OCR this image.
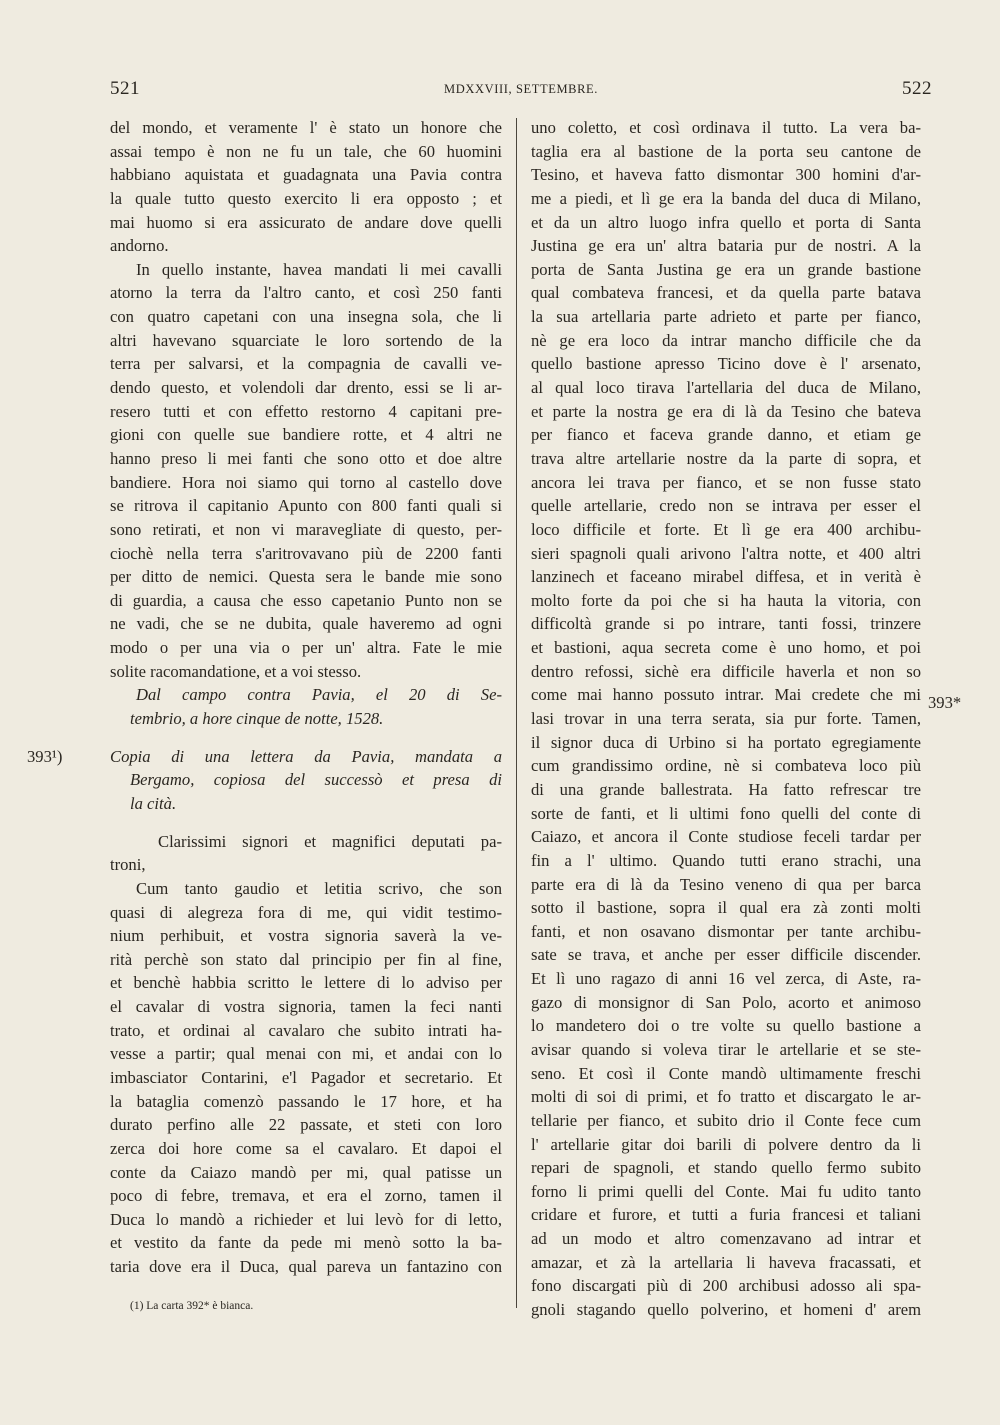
521	MDXXVIII, SETTEMBRE.	522
del mondo, et veramente l' è stato un honore che
assai tempo è non ne fu un tale, che 60 huomini
habbiano aquistata et guadagnata una Pavia contra
la quale tutto questo exercito li era opposto ; et
mai huomo si era assicurato de andare dove quelli
andorno.
In quello instante, havea mandati li mei cavalli
atorno la terra da l'altro canto, et così 250 fanti
con quatro capetani con una insegna sola, che li
altri havevano squarciate le loro sortendo de la
terra per salvarsi, et la compagnia de cavalli ve-
dendo questo, et volendoli dar drento, essi se li ar-
resero tutti et con effetto restorno 4 capitani pre-
gioni con quelle sue bandiere rotte, et 4 altri ne
hanno preso li mei fanti che sono otto et doe altre
bandiere. Hora noi siamo qui torno al castello dove
se ritrova il capitanio Apunto con 800 fanti quali si
sono retirati, et non vi maravegliate di questo, per-
ciochè nella terra s'aritrovavano più de 2200 fanti
per ditto de nemici. Questa sera le bande mie sono
di guardia, a causa che esso capetanio Punto non se
ne vadi, che se ne dubita, quale haveremo ad ogni
modo o per una via o per un' altra. Fate le mie
solite racomandatione, et a voi stesso.
Dal campo contra Pavia, el 20 di Se-
tembrio, a hore cinque de notte, 1528.
393¹)	Copia di una lettera da Pavia, mandata a
Bergamo, copiosa del successò et presa di
la cità.
Clarissimi signori et magnifici deputati pa-
troni,
Cum tanto gaudio et letitia scrivo, che son
quasi di alegreza fora di me, qui vidit testimo-
nium perhibuit, et vostra signoria saverà la ve-
rità perchè son stato dal principio per fin al fine,
et benchè habbia scritto le lettere di lo adviso per
el cavalar di vostra signoria, tamen la feci nanti
trato, et ordinai al cavalaro che subito intrati ha-
vesse a partir; qual menai con mi, et andai con lo
imbasciator Contarini, e'l Pagador et secretario. Et
la bataglia comenzò passando le 17 hore, et ha
durato perfino alle 22 passate, et steti con loro
zerca doi hore come sa el cavalaro. Et dapoi el
conte da Caiazo mandò per mi, qual patisse un
poco di febre, tremava, et era el zorno, tamen il
Duca lo mandò a richieder et lui levò for di letto,
et vestito da fante da pede mi menò sotto la ba-
taria dove era il Duca, qual pareva un fantazino con
uno coletto, et così ordinava il tutto. La vera ba-
taglia era al bastione de la porta seu cantone de
Tesino, et haveva fatto dismontar 300 homini d'ar-
me a piedi, et lì ge era la banda del duca di Milano,
et da un altro luogo infra quello et porta di Santa
Justina ge era un' altra bataria pur de nostri. A la
porta de Santa Justina ge era un grande bastione
qual combateva francesi, et da quella parte batava
la sua artellaria parte adrieto et parte per fianco,
nè ge era loco da intrar mancho difficile che da
quello bastione apresso Ticino dove è l' arsenato,
al qual loco tirava l'artellaria del duca de Milano,
et parte la nostra ge era di là da Tesino che bateva
per fianco et faceva grande danno, et etiam ge
trava altre artellarie nostre da la parte di sopra, et
ancora lei trava per fianco, et se non fusse stato
quelle artellarie, credo non se intrava per esser el
loco difficile et forte. Et lì ge era 400 archibu-
sieri spagnoli quali arivono l'altra notte, et 400 altri
lanzinech et faceano mirabel diffesa, et in verità è
molto forte da poi che si ha hauta la vitoria, con
difficoltà grande si po intrare, tanti fossi, trinzere
et bastioni, aqua secreta come è uno homo, et poi
dentro refossi, sichè era difficile haverla et non so
come mai hanno possuto intrar. Mai credete che mi
lasi trovar in una terra serata, sia pur forte. Tamen,
il signor duca di Urbino si ha portato egregiamente
cum grandissimo ordine, nè si combateva loco più
di una grande ballestrata. Ha fatto refrescar tre
sorte de fanti, et li ultimi fono quelli del conte di
Caiazo, et ancora il Conte studiose feceli tardar per
fin a l' ultimo. Quando tutti erano strachi, una
parte era di là da Tesino veneno di qua per barca
sotto il bastione, sopra il qual era zà zonti molti
fanti, et non osavano dismontar per tante archibu-
sate se trava, et anche per esser difficile discender.
Et lì uno ragazo di anni 16 vel zerca, di Aste, ra-
gazo di monsignor di San Polo, acorto et animoso
lo mandetero doi o tre volte su quello bastione a
avisar quando si voleva tirar le artellarie et se ste-
seno. Et così il Conte mandò ultimamente freschi
molti di soi di primi, et fo tratto et discargato le ar-
tellarie per fianco, et subito drio il Conte fece cum
l' artellarie gitar doi barili di polvere dentro da li
repari de spagnoli, et stando quello fermo subito
forno li primi quelli del Conte. Mai fu udito tanto
cridare et furore, et tutti a furia francesi et taliani
ad un modo et altro comenzavano ad intrar et
amazar, et zà la artellaria li haveva fracassati, et
fono discargati più di 200 archibusi adosso ali spa-
gnoli stagando quello polverino, et homeni d' arem
393*
(1) La carta 392* è bianca.
